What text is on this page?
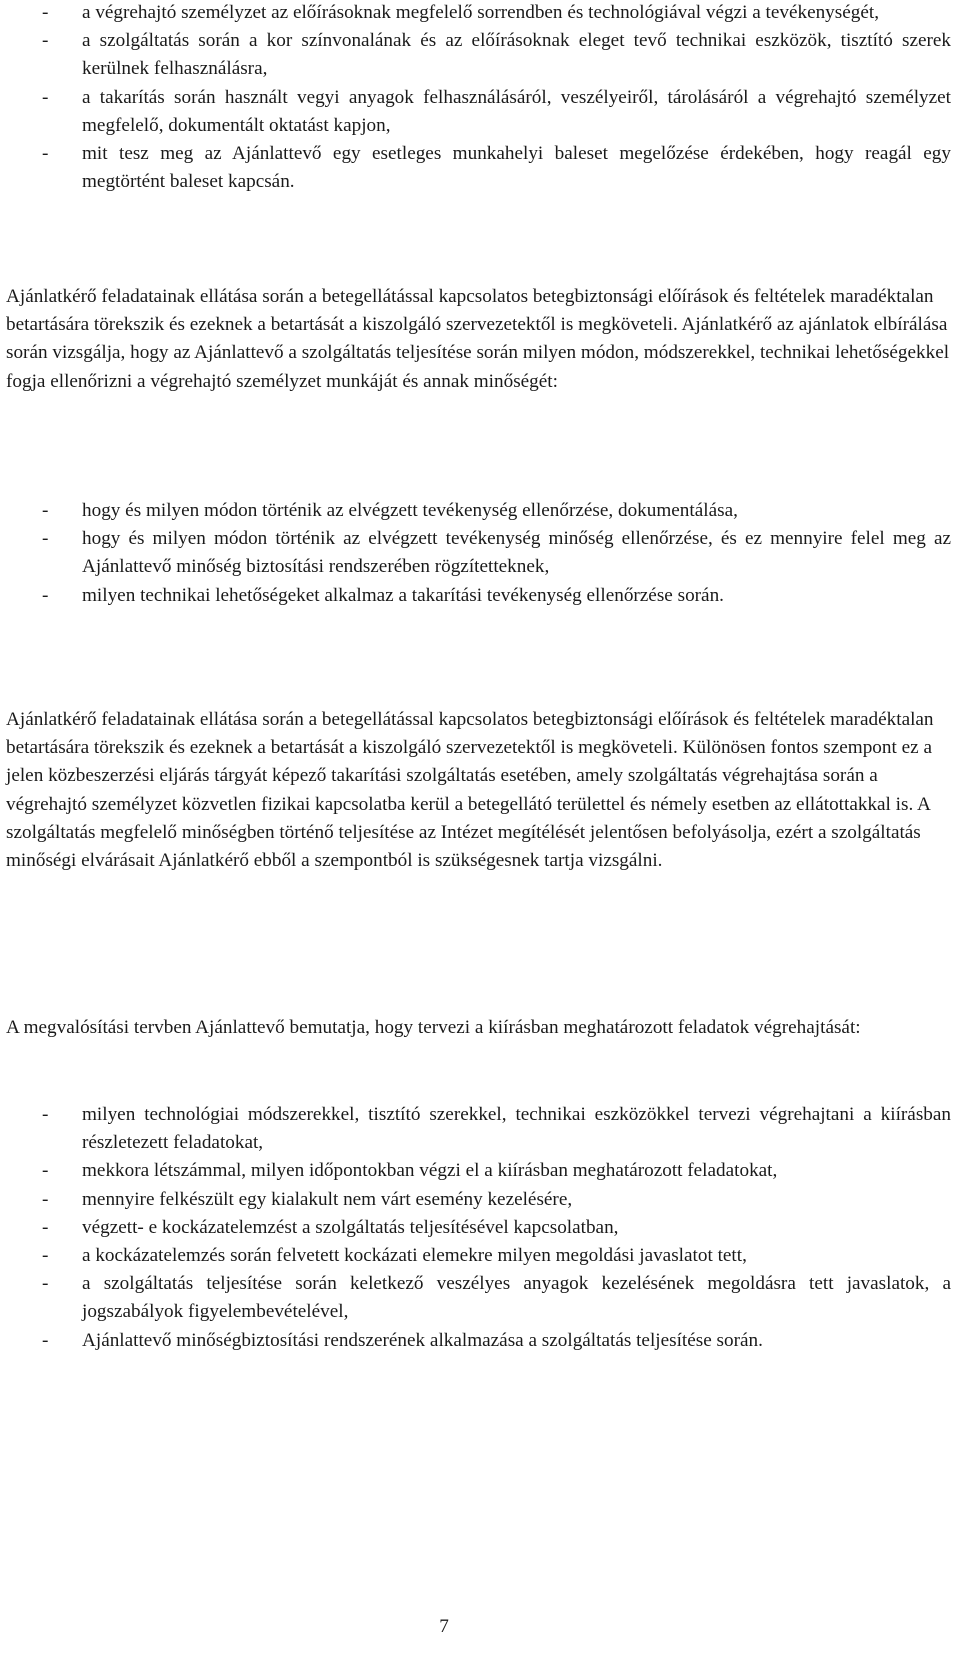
- a végrehajtó személyzet az előírásoknak megfelelő sorrendben és technológiával végzi a tevékenységét,
- a szolgáltatás során a kor színvonalának és az előírásoknak eleget tevő technikai eszközök, tisztító szerek kerülnek felhasználásra,
- a takarítás során használt vegyi anyagok felhasználásáról, veszélyeiről, tárolásáról a végrehajtó személyzet megfelelő, dokumentált oktatást kapjon,
- mit tesz meg az Ajánlattevő egy esetleges munkahelyi baleset megelőzése érdekében, hogy reagál egy megtörtént baleset kapcsán.

Ajánlatkérő feladatainak ellátása során a betegellátással kapcsolatos betegbiztonsági előírások és feltételek maradéktalan betartására törekszik és ezeknek a betartását a kiszolgáló szervezetektől is megköveteli. Ajánlatkérő az ajánlatok elbírálása során vizsgálja, hogy az Ajánlattevő a szolgáltatás teljesítése során milyen módon, módszerekkel, technikai lehetőségekkel fogja ellenőrizni a végrehajtó személyzet munkáját és annak minőségét:

- hogy és milyen módon történik az elvégzett tevékenység ellenőrzése, dokumentálása,
- hogy és milyen módon történik az elvégzett tevékenység minőség ellenőrzése, és ez mennyire felel meg az Ajánlattevő minőség biztosítási rendszerében rögzítetteknek,
- milyen technikai lehetőségeket alkalmaz a takarítási tevékenység ellenőrzése során.

Ajánlatkérő feladatainak ellátása során a betegellátással kapcsolatos betegbiztonsági előírások és feltételek maradéktalan betartására törekszik és ezeknek a betartását a kiszolgáló szervezetektől is megköveteli. Különösen fontos szempont ez a jelen közbeszerzési eljárás tárgyát képező takarítási szolgáltatás esetében, amely szolgáltatás végrehajtása során a végrehajtó személyzet közvetlen fizikai kapcsolatba kerül a betegellátó területtel és némely esetben az ellátottakkal is. A szolgáltatás megfelelő minőségben történő teljesítése az Intézet megítélését jelentősen befolyásolja, ezért a szolgáltatás minőségi elvárásait Ajánlatkérő ebből a szempontból is szükségesnek tartja vizsgálni.

A megvalósítási tervben Ajánlattevő bemutatja, hogy tervezi a kiírásban meghatározott feladatok végrehajtását:

- milyen technológiai módszerekkel, tisztító szerekkel, technikai eszközökkel tervezi végrehajtani a kiírásban részletezett feladatokat,
- mekkora létszámmal, milyen időpontokban végzi el a kiírásban meghatározott feladatokat,
- mennyire felkészült egy kialakult nem várt esemény kezelésére,
- végzett- e kockázatelemzést a szolgáltatás teljesítésével kapcsolatban,
- a kockázatelemzés során felvetett kockázati elemekre milyen megoldási javaslatot tett,
- a szolgáltatás teljesítése során keletkező veszélyes anyagok kezelésének megoldásra tett javaslatok, a jogszabályok figyelembevételével,
- Ajánlattevő minőségbiztosítási rendszerének alkalmazása a szolgáltatás teljesítése során.
7
